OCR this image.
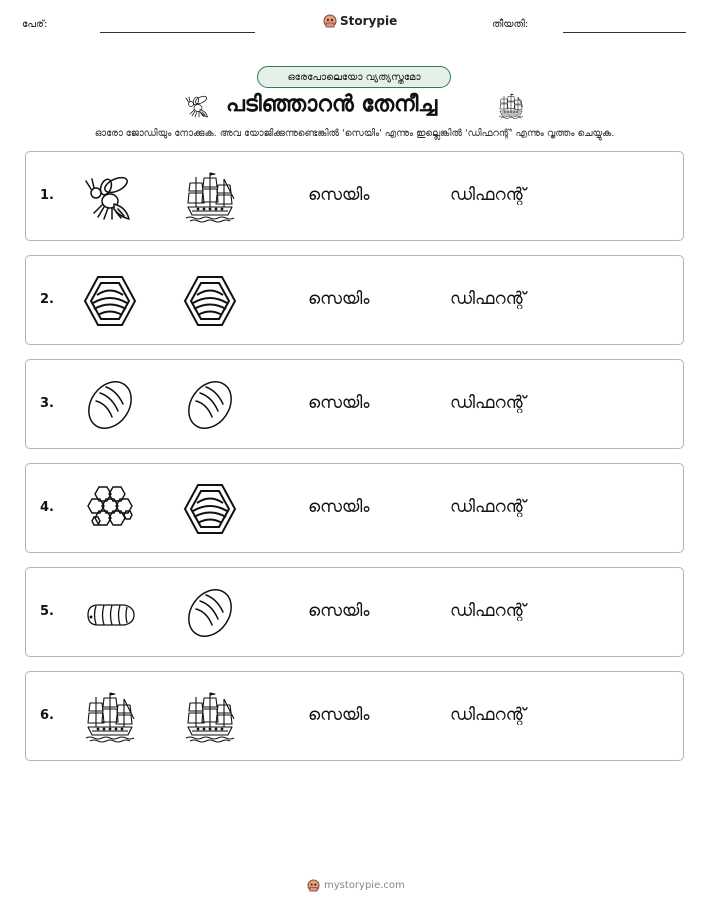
പേര്:	Storypie	തീയതി:
ഒരേപോലെയോ വ്യത്യസ്തമോ
പടിഞ്ഞാറൻ തേനീച്ച
ഓരോ ജോഡിയും നോക്കുക. അവ യോജിക്കുന്നുണ്ടെങ്കിൽ 'സെയിം' എന്നും ഇല്ലെങ്കിൽ 'ഡിഫറന്റ്' എന്നും വൃത്തം ചെയ്യുക.
1.	സെയിം	ഡിഫറന്റ്
2.	സെയിം	ഡിഫറന്റ്
3.	സെയിം	ഡിഫറന്റ്
4.	സെയിം	ഡിഫറന്റ്
5.	സെയിം	ഡിഫറന്റ്
6.	സെയിം	ഡിഫറന്റ്
mystorypie.com
